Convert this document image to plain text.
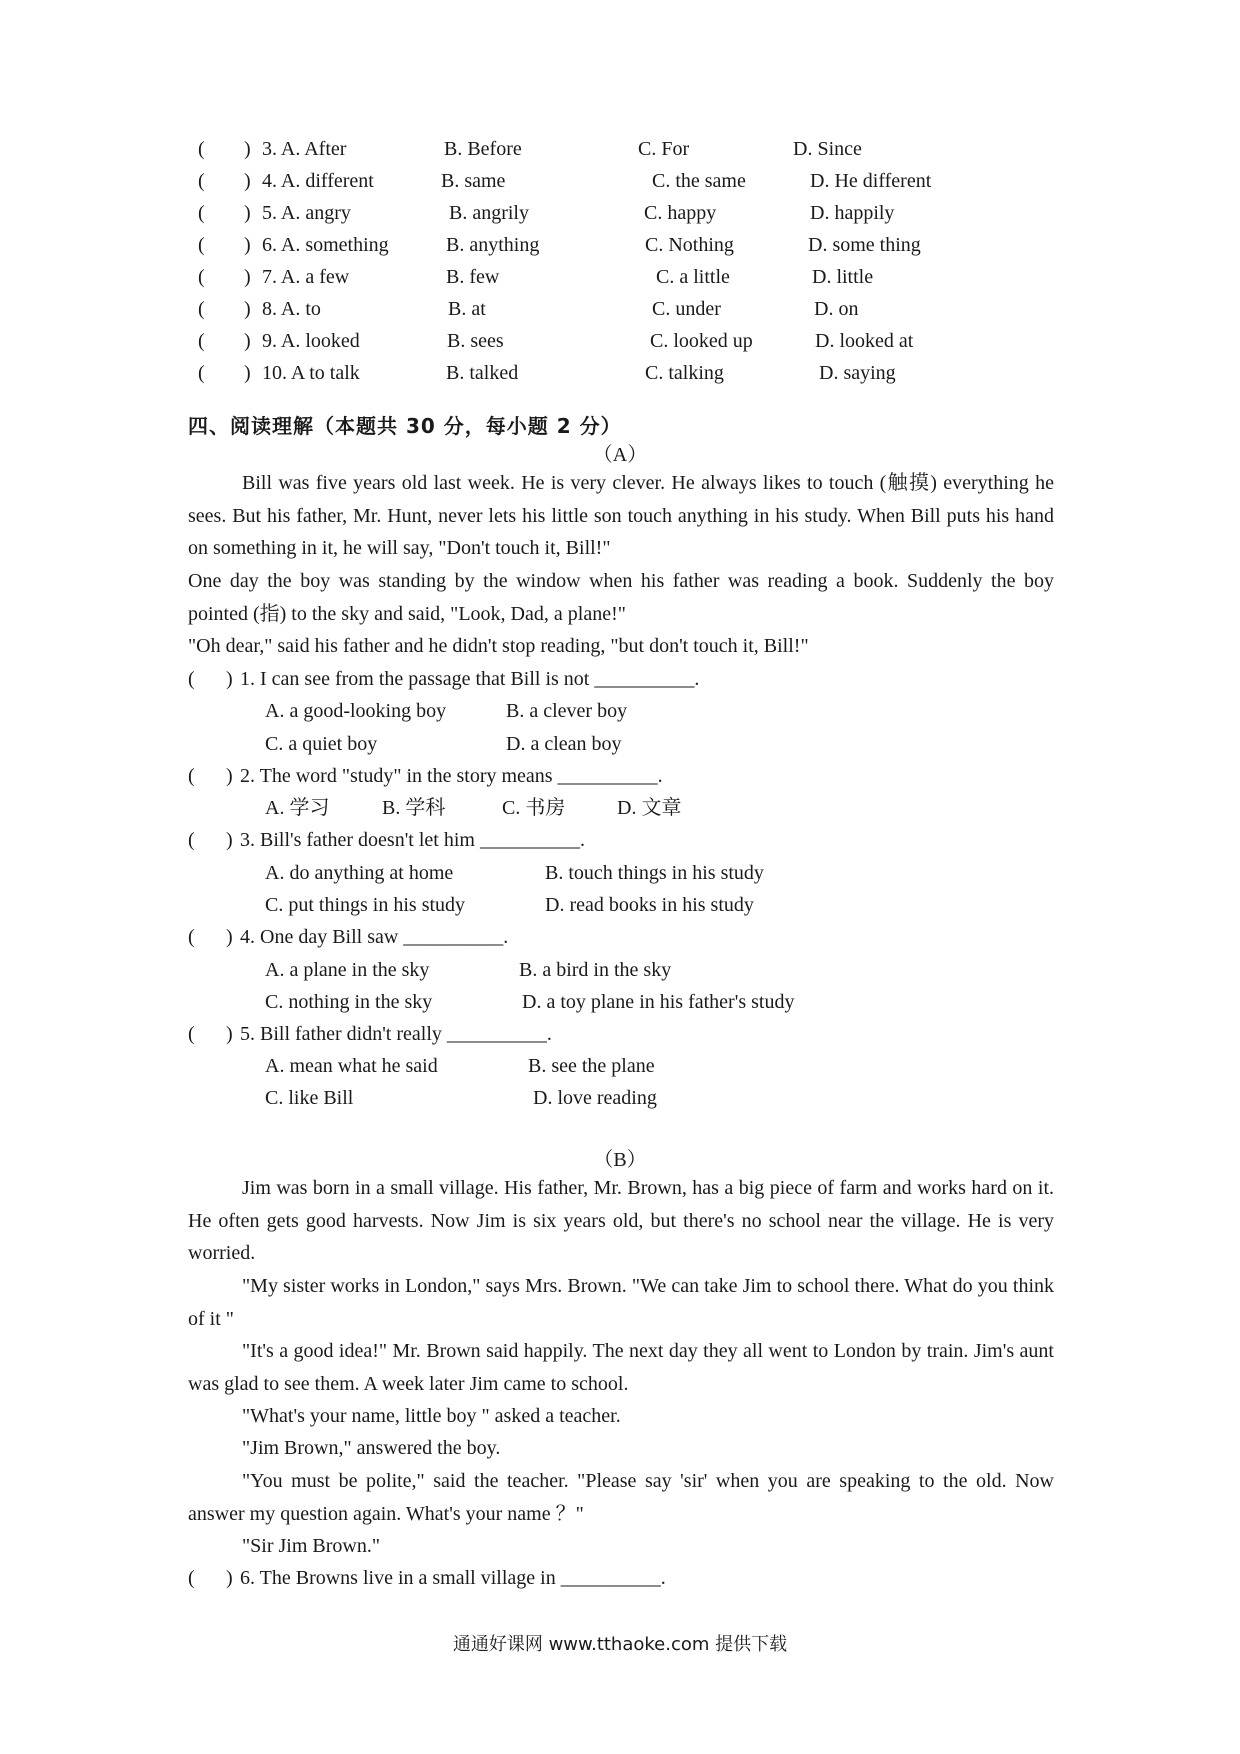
( ) 3. A. After	B. Before	C. For	D. Since
( ) 4. A. different	B. same	C. the same	D. He different
( ) 5. A. angry	B. angrily	C. happy	D. happily
( ) 6. A. something	B. anything	C. Nothing	D. some thing
( ) 7. A. a few	B. few	C. a little	D. little
( ) 8. A. to	B. at	C. under	D. on
( ) 9. A. looked	B. sees	C. looked up	D. looked at
( ) 10. A to talk	B. talked	C. talking	D. saying
四、阅读理解（本题共 30 分，每小题 2 分）
（A）
Bill was five years old last week. He is very clever. He always likes to touch (触摸) everything he sees. But his father, Mr. Hunt, never lets his little son touch anything in his study. When Bill puts his hand on something in it, he will say, "Don't touch it, Bill!"
One day the boy was standing by the window when his father was reading a book. Suddenly the boy pointed (指) to the sky and said, "Look, Dad, a plane!"
"Oh dear," said his father and he didn't stop reading, "but don't touch it, Bill!"
( ) 1. I can see from the passage that Bill is not __________.
A. a good-looking boy	B. a clever boy
C. a quiet boy	D. a clean boy
( ) 2. The word "study" in the story means __________.
A. 学习	B. 学科	C. 书房	D. 文章
( ) 3. Bill's father doesn't let him __________.
A. do anything at home	B. touch things in his study
C. put things in his study	D. read books in his study
( ) 4. One day Bill saw __________.
A. a plane in the sky	B. a bird in the sky
C. nothing in the sky	D. a toy plane in his father's study
( ) 5. Bill father didn't really __________.
A. mean what he said	B. see the plane
C. like Bill	D. love reading
（B）
Jim was born in a small village. His father, Mr. Brown, has a big piece of farm and works hard on it. He often gets good harvests. Now Jim is six years old, but there's no school near the village. He is very worried.
"My sister works in London," says Mrs. Brown. "We can take Jim to school there. What do you think of it "
"It's a good idea!" Mr. Brown said happily. The next day they all went to London by train. Jim's aunt was glad to see them. A week later Jim came to school.
"What's your name, little boy " asked a teacher.
"Jim Brown," answered the boy.
"You must be polite," said the teacher. "Please say 'sir' when you are speaking to the old. Now answer my question again. What's your name ？"
"Sir Jim Brown."
( ) 6. The Browns live in a small village in __________.
通通好课网 www.tthaoke.com 提供下载
